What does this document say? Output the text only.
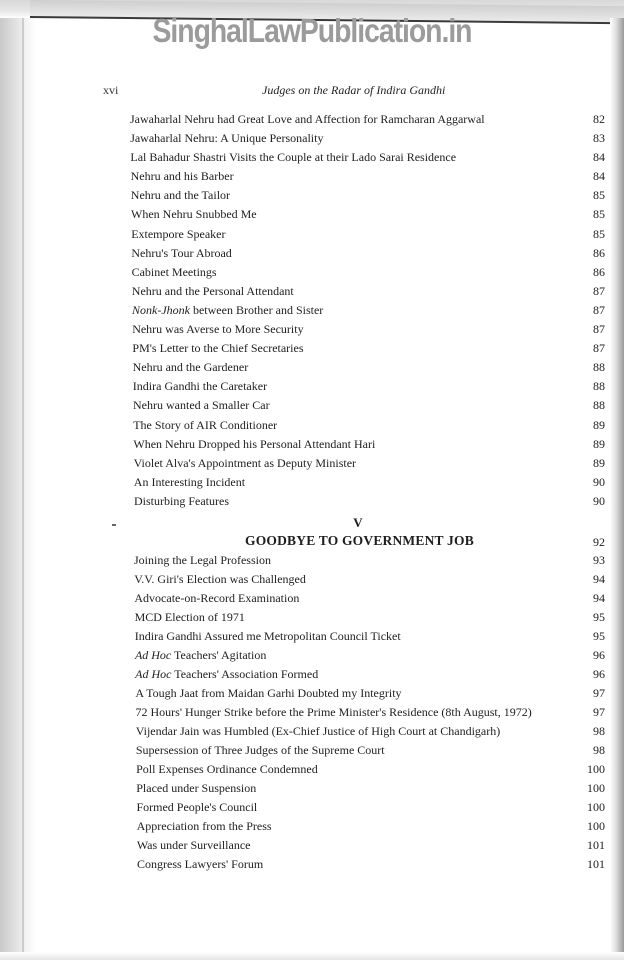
SinghalLawPublication.in
xvi	Judges on the Radar of Indira Gandhi
Jawaharlal Nehru had Great Love and Affection for Ramcharan Aggarwal	82
Jawaharlal Nehru: A Unique Personality	83
Lal Bahadur Shastri Visits the Couple at their Lado Sarai Residence	84
Nehru and his Barber	84
Nehru and the Tailor	85
When Nehru Snubbed Me	85
Extempore Speaker	85
Nehru's Tour Abroad	86
Cabinet Meetings	86
Nehru and the Personal Attendant	87
Nonk-Jhonk between Brother and Sister	87
Nehru was Averse to More Security	87
PM's Letter to the Chief Secretaries	87
Nehru and the Gardener	88
Indira Gandhi the Caretaker	88
Nehru wanted a Smaller Car	88
The Story of AIR Conditioner	89
When Nehru Dropped his Personal Attendant Hari	89
Violet Alva's Appointment as Deputy Minister	89
An Interesting Incident	90
Disturbing Features	90
V
GOODBYE TO GOVERNMENT JOB	92
Joining the Legal Profession	93
V.V. Giri's Election was Challenged	94
Advocate-on-Record Examination	94
MCD Election of 1971	95
Indira Gandhi Assured me Metropolitan Council Ticket	95
Ad Hoc Teachers' Agitation	96
Ad Hoc Teachers' Association Formed	96
A Tough Jaat from Maidan Garhi Doubted my Integrity	97
72 Hours' Hunger Strike before the Prime Minister's Residence (8th August, 1972)	97
Vijendar Jain was Humbled (Ex-Chief Justice of High Court at Chandigarh)	98
Supersession of Three Judges of the Supreme Court	98
Poll Expenses Ordinance Condemned	100
Placed under Suspension	100
Formed People's Council	100
Appreciation from the Press	100
Was under Surveillance	101
Congress Lawyers' Forum	101
